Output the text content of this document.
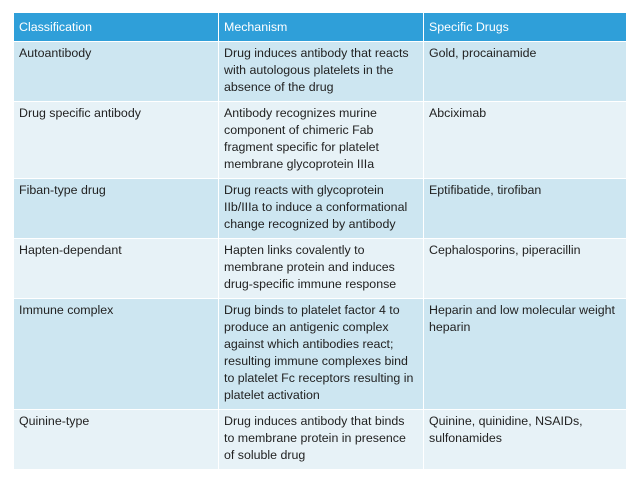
Classification	Mechanism	Specific Drugs
Autoantibody	Drug induces antibody that reacts with autologous platelets in the absence of the drug	Gold, procainamide
Drug specific antibody	Antibody recognizes murine component of chimeric Fab fragment specific for platelet membrane glycoprotein IIIa	Abciximab
Fiban-type drug	Drug reacts with glycoprotein IIb/IIIa to induce a conformational change recognized by antibody	Eptifibatide, tirofiban
Hapten-dependant	Hapten links covalently to membrane protein and induces drug-specific immune response	Cephalosporins, piperacillin
Immune complex	Drug binds to platelet factor 4 to produce an antigenic complex against which antibodies react; resulting immune complexes bind to platelet Fc receptors resulting in platelet activation	Heparin and low molecular weight heparin
Quinine-type	Drug induces antibody that binds to membrane protein in presence of soluble drug	Quinine, quinidine, NSAIDs, sulfonamides
